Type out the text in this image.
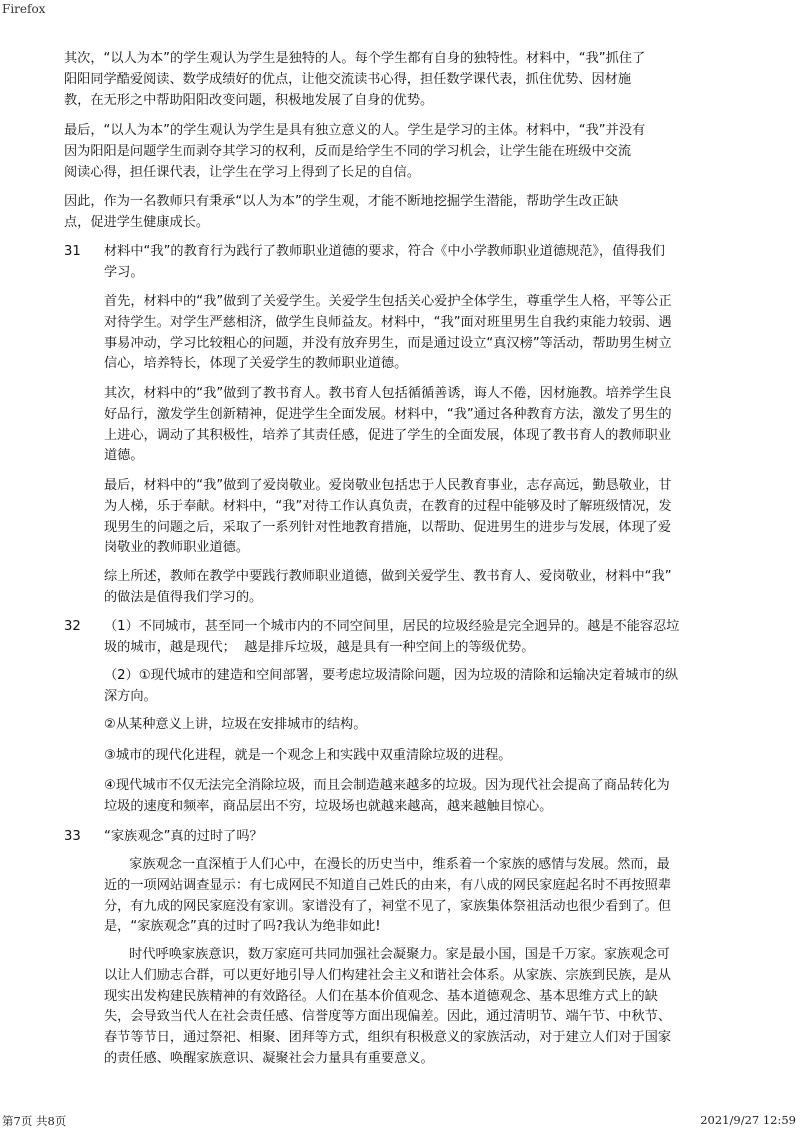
Firefox

其次，“以人为本”的学生观认为学生是独特的人。每个学生都有自身的独特性。材料中，“我”抓住了
阳阳同学酷爱阅读、数学成绩好的优点，让他交流读书心得，担任数学课代表，抓住优势、因材施
教，在无形之中帮助阳阳改变问题，积极地发展了自身的优势。

最后，“以人为本”的学生观认为学生是具有独立意义的人。学生是学习的主体。材料中，“我”并没有
因为阳阳是问题学生而剥夺其学习的权利，反而是给学生不同的学习机会，让学生能在班级中交流
阅读心得，担任课代表，让学生在学习上得到了长足的自信。

因此，作为一名教师只有秉承“以人为本”的学生观，才能不断地挖掘学生潜能，帮助学生改正缺
点，促进学生健康成长。

31 材料中“我”的教育行为践行了教师职业道德的要求，符合《中小学教师职业道德规范》，值得我们
学习。

首先，材料中的“我”做到了关爱学生。关爱学生包括关心爱护全体学生，尊重学生人格，平等公正
对待学生。对学生严慈相济，做学生良师益友。材料中，“我”面对班里男生自我约束能力较弱、遇
事易冲动，学习比较粗心的问题，并没有放弃男生，而是通过设立“真汉榜”等活动，帮助男生树立
信心，培养特长，体现了关爱学生的教师职业道德。

其次，材料中的“我”做到了教书育人。教书育人包括循循善诱，诲人不倦，因材施教。培养学生良
好品行，激发学生创新精神，促进学生全面发展。材料中，“我”通过各种教育方法，激发了男生的
上进心，调动了其积极性，培养了其责任感，促进了学生的全面发展，体现了教书育人的教师职业
道德。

最后，材料中的“我”做到了爱岗敬业。爱岗敬业包括忠于人民教育事业，志存高远，勤恳敬业，甘
为人梯，乐于奉献。材料中，“我”对待工作认真负责，在教育的过程中能够及时了解班级情况，发
现男生的问题之后，采取了一系列针对性地教育措施，以帮助、促进男生的进步与发展，体现了爱
岗敬业的教师职业道德。

综上所述，教师在教学中要践行教师职业道德，做到关爱学生、教书育人、爱岗敬业，材料中“我”
的做法是值得我们学习的。

32 （1）不同城市，甚至同一个城市内的不同空间里，居民的垃圾经验是完全迥异的。越是不能容忍垃
圾的城市，越是现代；  越是排斥垃圾，越是具有一种空间上的等级优势。

（2）①现代城市的建造和空间部署，要考虑垃圾清除问题，因为垃圾的清除和运输决定着城市的纵
深方向。

②从某种意义上讲，垃圾在安排城市的结构。

③城市的现代化进程，就是一个观念上和实践中双重清除垃圾的进程。

④现代城市不仅无法完全消除垃圾，而且会制造越来越多的垃圾。因为现代社会提高了商品转化为
垃圾的速度和频率，商品层出不穷，垃圾场也就越来越高，越来越触目惊心。

33 “家族观念”真的过时了吗？

家族观念一直深植于人们心中，在漫长的历史当中，维系着一个家族的感情与发展。然而，最
近的一项网站调查显示：有七成网民不知道自己姓氏的由来，有八成的网民家庭起名时不再按照辈
分，有九成的网民家庭没有家训。家谱没有了，祠堂不见了，家族集体祭祖活动也很少看到了。但
是，“家族观念”真的过时了吗?我认为绝非如此!

时代呼唤家族意识，数万家庭可共同加强社会凝聚力。家是最小国，国是千万家。家族观念可
以让人们励志合群，可以更好地引导人们构建社会主义和谐社会体系。从家族、宗族到民族，是从
现实出发构建民族精神的有效路径。人们在基本价值观念、基本道德观念、基本思维方式上的缺
失，会导致当代人在社会责任感、信誉度等方面出现偏差。因此，通过清明节、端午节、中秋节、
春节等节日，通过祭祀、相聚、团拜等方式，组织有积极意义的家族活动，对于建立人们对于国家
的责任感、唤醒家族意识、凝聚社会力量具有重要意义。

第7页 共8页	2021/9/27 12:59
